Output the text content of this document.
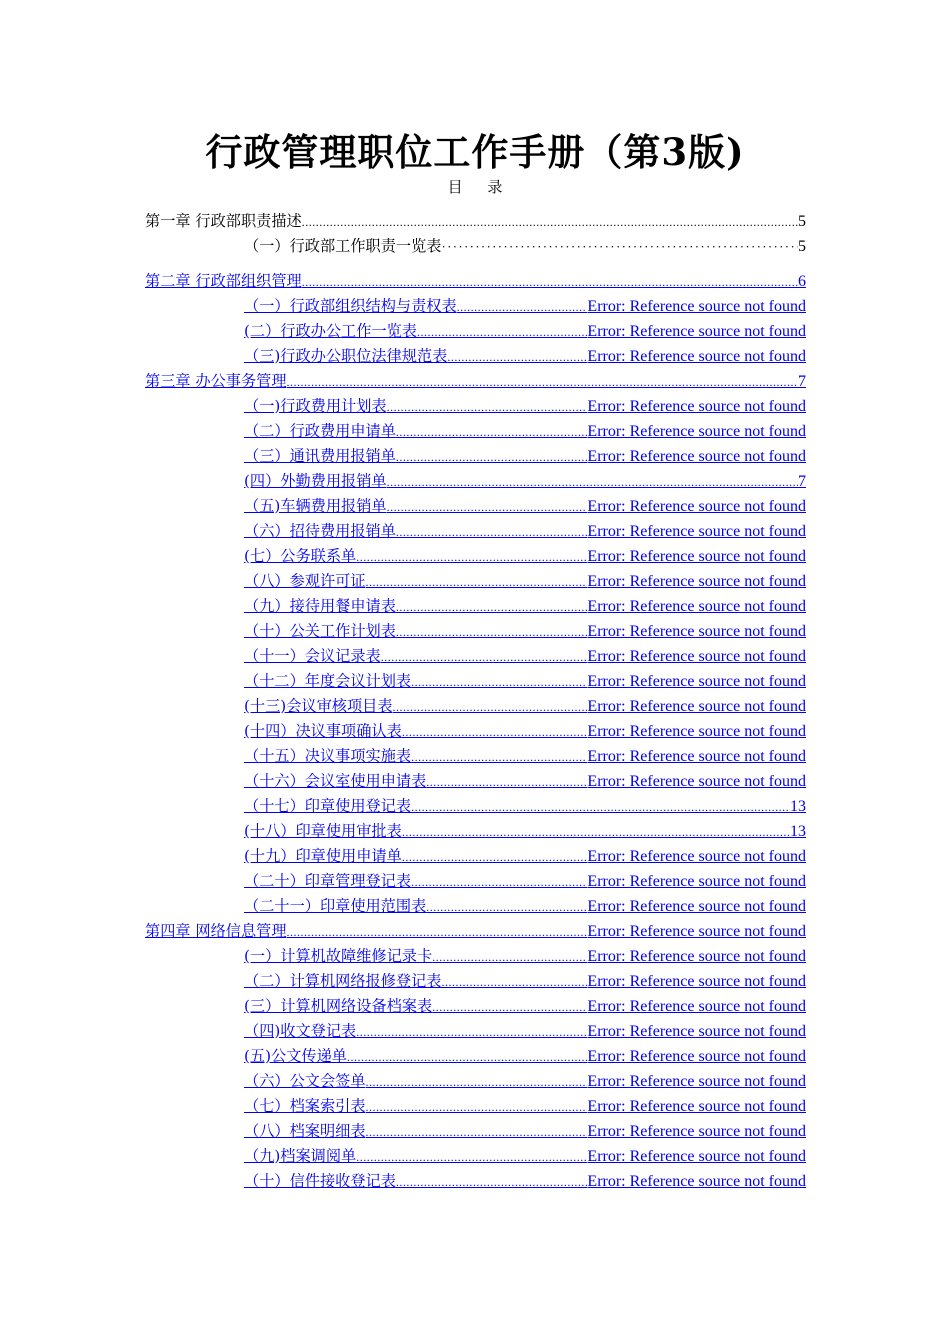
行政管理职位工作手册（第3版)
目 录
第一章 行政部职责描述 .....	5
（一）行政部工作职责一览表 ·····	5
第二章 行政部组织管理 .....	6
（一）行政部组织结构与责权表 .....	Error: Reference source not found
(二）行政办公工作一览表 .....	Error: Reference source not found
（三)行政办公职位法律规范表 .....	Error: Reference source not found
第三章 办公事务管理 .....	7
（一)行政费用计划表 .....	Error: Reference source not found
（二）行政费用申请单 .....	Error: Reference source not found
（三）通讯费用报销单 .....	Error: Reference source not found
(四）外勤费用报销单 .....	7
（五)车辆费用报销单 .....	Error: Reference source not found
（六）招待费用报销单 .....	Error: Reference source not found
(七）公务联系单 .....	Error: Reference source not found
（八）参观许可证 .....	Error: Reference source not found
（九）接待用餐申请表 .....	Error: Reference source not found
（十）公关工作计划表 .....	Error: Reference source not found
（十一）会议记录表 .....	Error: Reference source not found
（十二）年度会议计划表 .....	Error: Reference source not found
(十三)会议审核项目表 .....	Error: Reference source not found
(十四）决议事项确认表 .....	Error: Reference source not found
（十五）决议事项实施表 .....	Error: Reference source not found
（十六）会议室使用申请表 .....	Error: Reference source not found
（十七）印章使用登记表 .....	13
(十八）印章使用审批表 .....	13
(十九）印章使用申请单 .....	Error: Reference source not found
（二十）印章管理登记表 .....	Error: Reference source not found
（二十一）印章使用范围表 .....	Error: Reference source not found
第四章 网络信息管理 .....	Error: Reference source not found
(一）计算机故障维修记录卡 .....	Error: Reference source not found
（二）计算机网络报修登记表 .....	Error: Reference source not found
(三）计算机网络设备档案表 .....	Error: Reference source not found
（四)收文登记表 .....	Error: Reference source not found
(五)公文传递单 .....	Error: Reference source not found
（六）公文会签单 .....	Error: Reference source not found
（七）档案索引表 .....	Error: Reference source not found
（八）档案明细表 .....	Error: Reference source not found
（九)档案调阅单 .....	Error: Reference source not found
（十）信件接收登记表 .....	Error: Reference source not found
